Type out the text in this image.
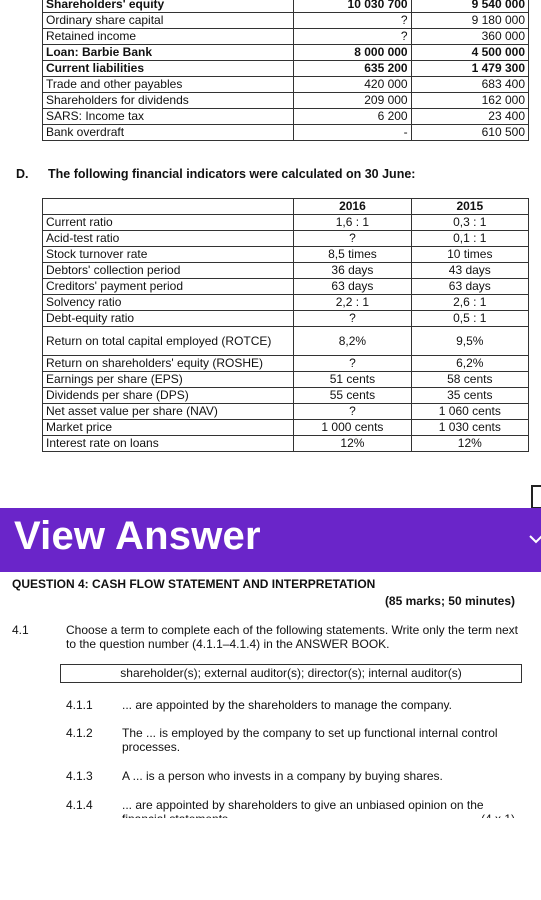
Shareholders' equity	10 030 700	9 540 000
Ordinary share capital	?	9 180 000
Retained income	?	360 000
Loan: Barbie Bank	8 000 000	4 500 000
Current liabilities	635 200	1 479 300
Trade and other payables	420 000	683 400
Shareholders for dividends	209 000	162 000
SARS: Income tax	6 200	23 400
Bank overdraft	-	610 500
D. The following financial indicators were calculated on 30 June:
	2016	2015
Current ratio	1,6 : 1	0,3 : 1
Acid-test ratio	?	0,1 : 1
Stock turnover rate	8,5 times	10 times
Debtors' collection period	36 days	43 days
Creditors' payment period	63 days	63 days
Solvency ratio	2,2 : 1	2,6 : 1
Debt-equity ratio	?	0,5 : 1
Return on total capital employed (ROTCE)	8,2%	9,5%
Return on shareholders' equity (ROSHE)	?	6,2%
Earnings per share (EPS)	51 cents	58 cents
Dividends per share (DPS)	55 cents	35 cents
Net asset value per share (NAV)	?	1 060 cents
Market price	1 000 cents	1 030 cents
Interest rate on loans	12%	12%
View Answer
QUESTION 4: CASH FLOW STATEMENT AND INTERPRETATION
(85 marks; 50 minutes)
4.1	Choose a term to complete each of the following statements. Write only the term next to the question number (4.1.1–4.1.4) in the ANSWER BOOK.
shareholder(s); external auditor(s); director(s); internal auditor(s)
4.1.1 ... are appointed by the shareholders to manage the company.
4.1.2 The ... is employed by the company to set up functional internal control processes.
4.1.3 A ... is a person who invests in a company by buying shares.
4.1.4 ... are appointed by shareholders to give an unbiased opinion on the
